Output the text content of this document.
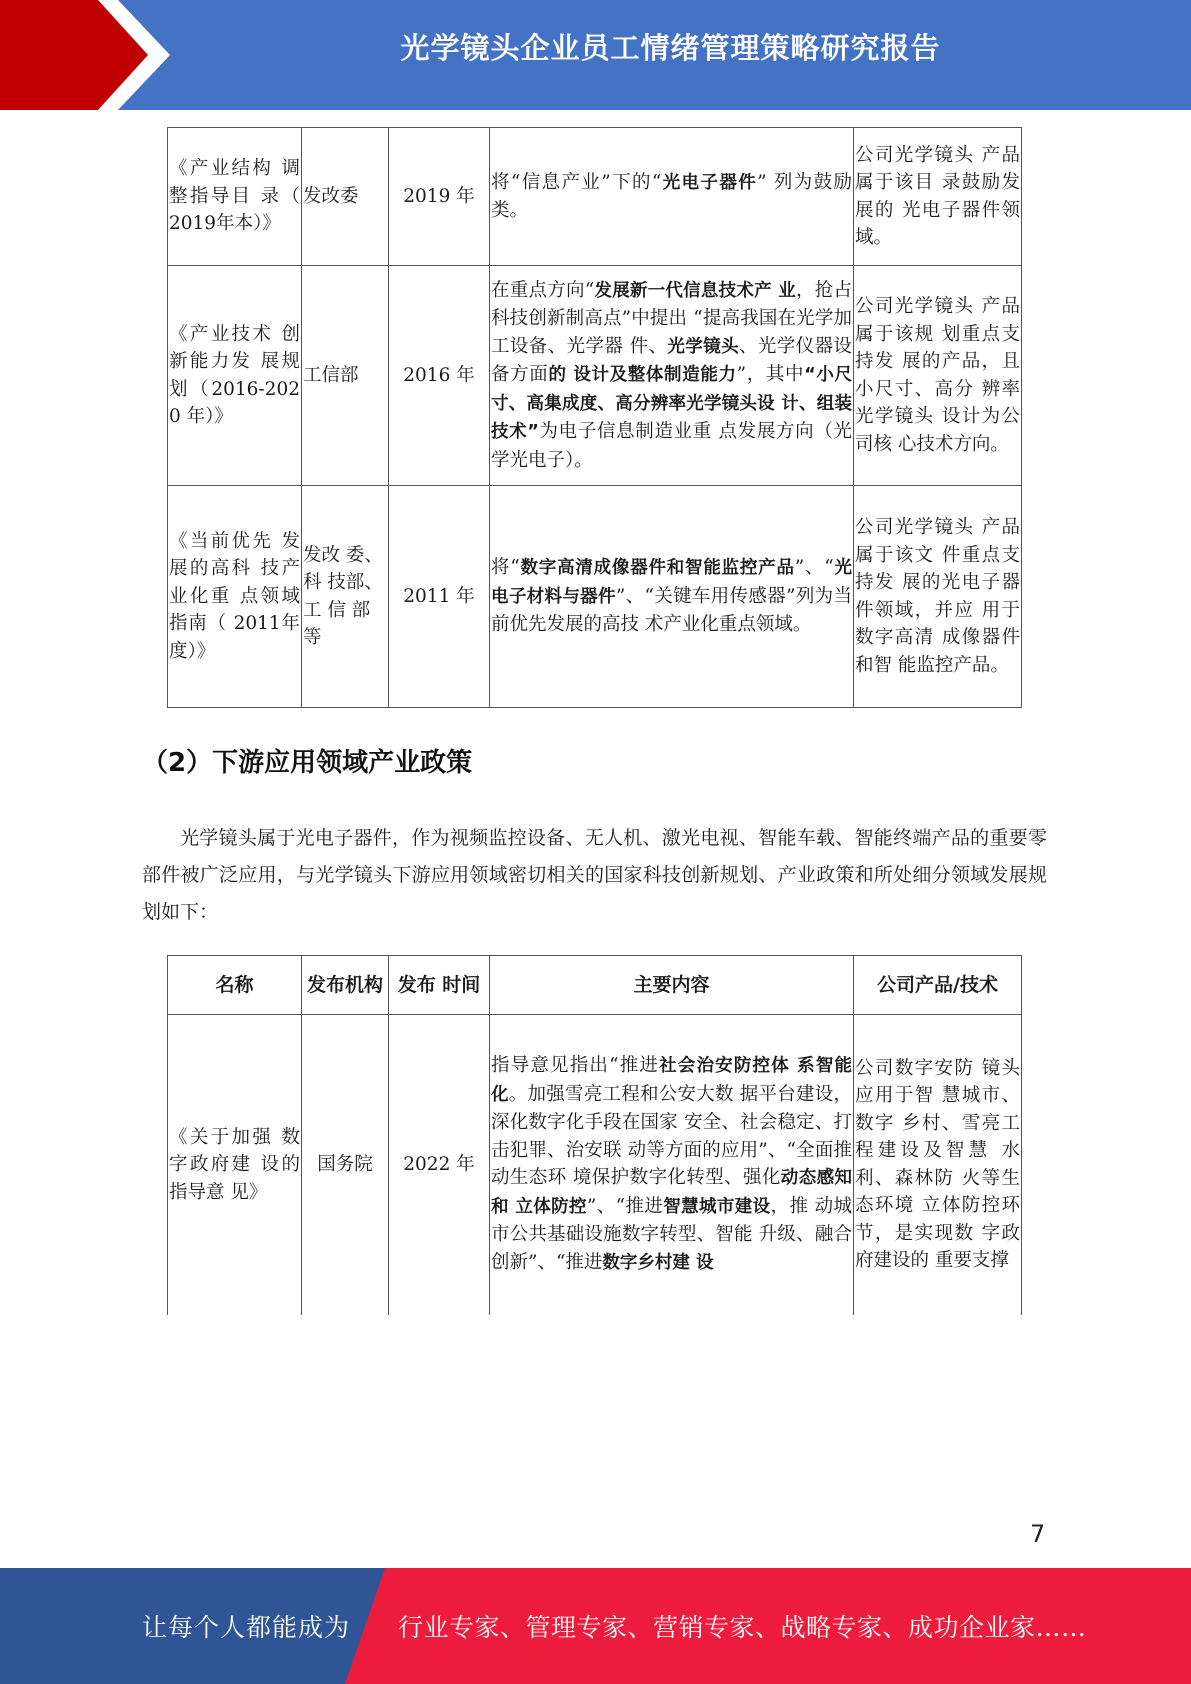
光学镜头企业员工情绪管理策略研究报告
《产业结构 调整指导目 录（ 2019年本）》	发改委	2019 年	将“信息产业”下的“光电子器件” 列为鼓励类。	公司光学镜头 产品属于该目 录鼓励发展的 光电子器件领 域。
《产业技术 创新能力发 展规划（2016-2020 年）》	工信部	2016 年	在重点方向“发展新一代信息技术产 业，抢占科技创新制高点”中提出 “提高我国在光学加工设备、光学器 件、光学镜头、光学仪器设备方面的 设计及整体制造能力”，其中“小尺 寸、高集成度、高分辨率光学镜头设 计、组装技术”为电子信息制造业重 点发展方向（光学光电子）。	公司光学镜头 产品属于该规 划重点支持发 展的产品，且 小尺寸、高分 辨率光学镜头 设计为公司核 心技术方向。
《当前优先 发展的高科 技产业化重 点领域指南（ 2011年度）》	发改 委、科 技部、工 信 部等	2011 年	将“数字高清成像器件和智能监控产品”、“光电子材料与器件”、“关键车用传感器”列为当前优先发展的高技 术产业化重点领域。	公司光学镜头 产品属于该文 件重点支持发 展的光电子器 件领域，并应 用于数字高清 成像器件和智 能监控产品。
（2）下游应用领域产业政策
光学镜头属于光电子器件，作为视频监控设备、无人机、激光电视、智能车载、智能终端产品的重要零部件被广泛应用，与光学镜头下游应用领域密切相关的国家科技创新规划、产业政策和所处细分领域发展规划如下：
名称	发布机构	发布 时间	主要内容	公司产品/技术
《关于加强 数字政府建 设的指导意 见》	国务院	2022 年	指导意见指出“推进社会治安防控体 系智能化。加强雪亮工程和公安大数 据平台建设，深化数字化手段在国家 安全、社会稳定、打击犯罪、治安联 动等方面的应用”、“全面推动生态环 境保护数字化转型、强化动态感知和 立体防控”、“推进智慧城市建设，推 动城市公共基础设施数字转型、智能 升级、融合创新”、“推进数字乡村建 设	公司数字安防 镜头应用于智 慧城市、数字 乡村、雪亮工 程建设及智慧 水利、森林防 火等生态环境 立体防控环 节，是实现数 字政府建设的 重要支撑
7
让每个人都能成为 行业专家、管理专家、营销专家、战略专家、成功企业家……
